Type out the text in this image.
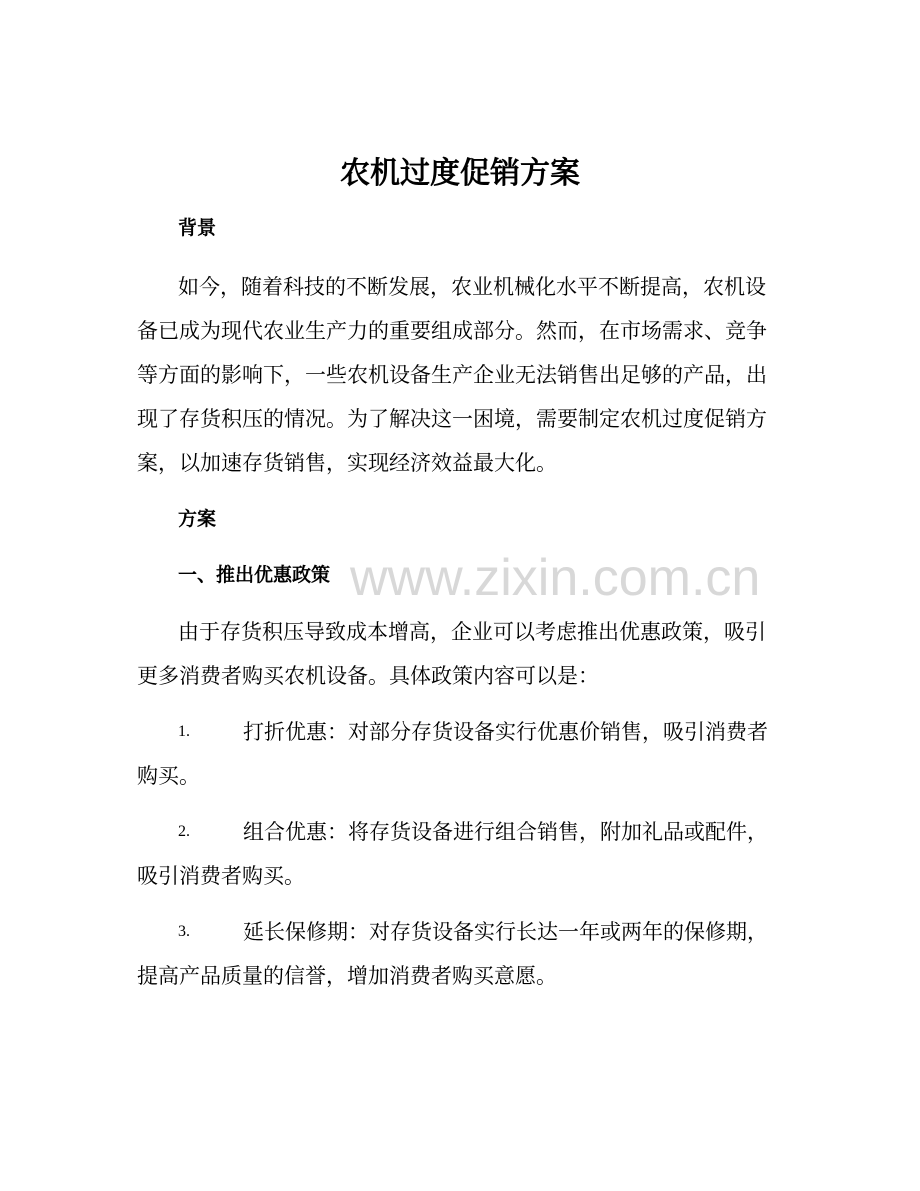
农机过度促销方案
背景
如今，随着科技的不断发展，农业机械化水平不断提高，农机设
备已成为现代农业生产力的重要组成部分。然而，在市场需求、竞争
等方面的影响下，一些农机设备生产企业无法销售出足够的产品，出
现了存货积压的情况。为了解决这一困境，需要制定农机过度促销方
案，以加速存货销售，实现经济效益最大化。
方案
www.zixin.com.cn
一、推出优惠政策
由于存货积压导致成本增高，企业可以考虑推出优惠政策，吸引
更多消费者购买农机设备。具体政策内容可以是：
1.	打折优惠：对部分存货设备实行优惠价销售，吸引消费者
购买。
2.	组合优惠：将存货设备进行组合销售，附加礼品或配件，
吸引消费者购买。
3.	延长保修期：对存货设备实行长达一年或两年的保修期，
提高产品质量的信誉，增加消费者购买意愿。
